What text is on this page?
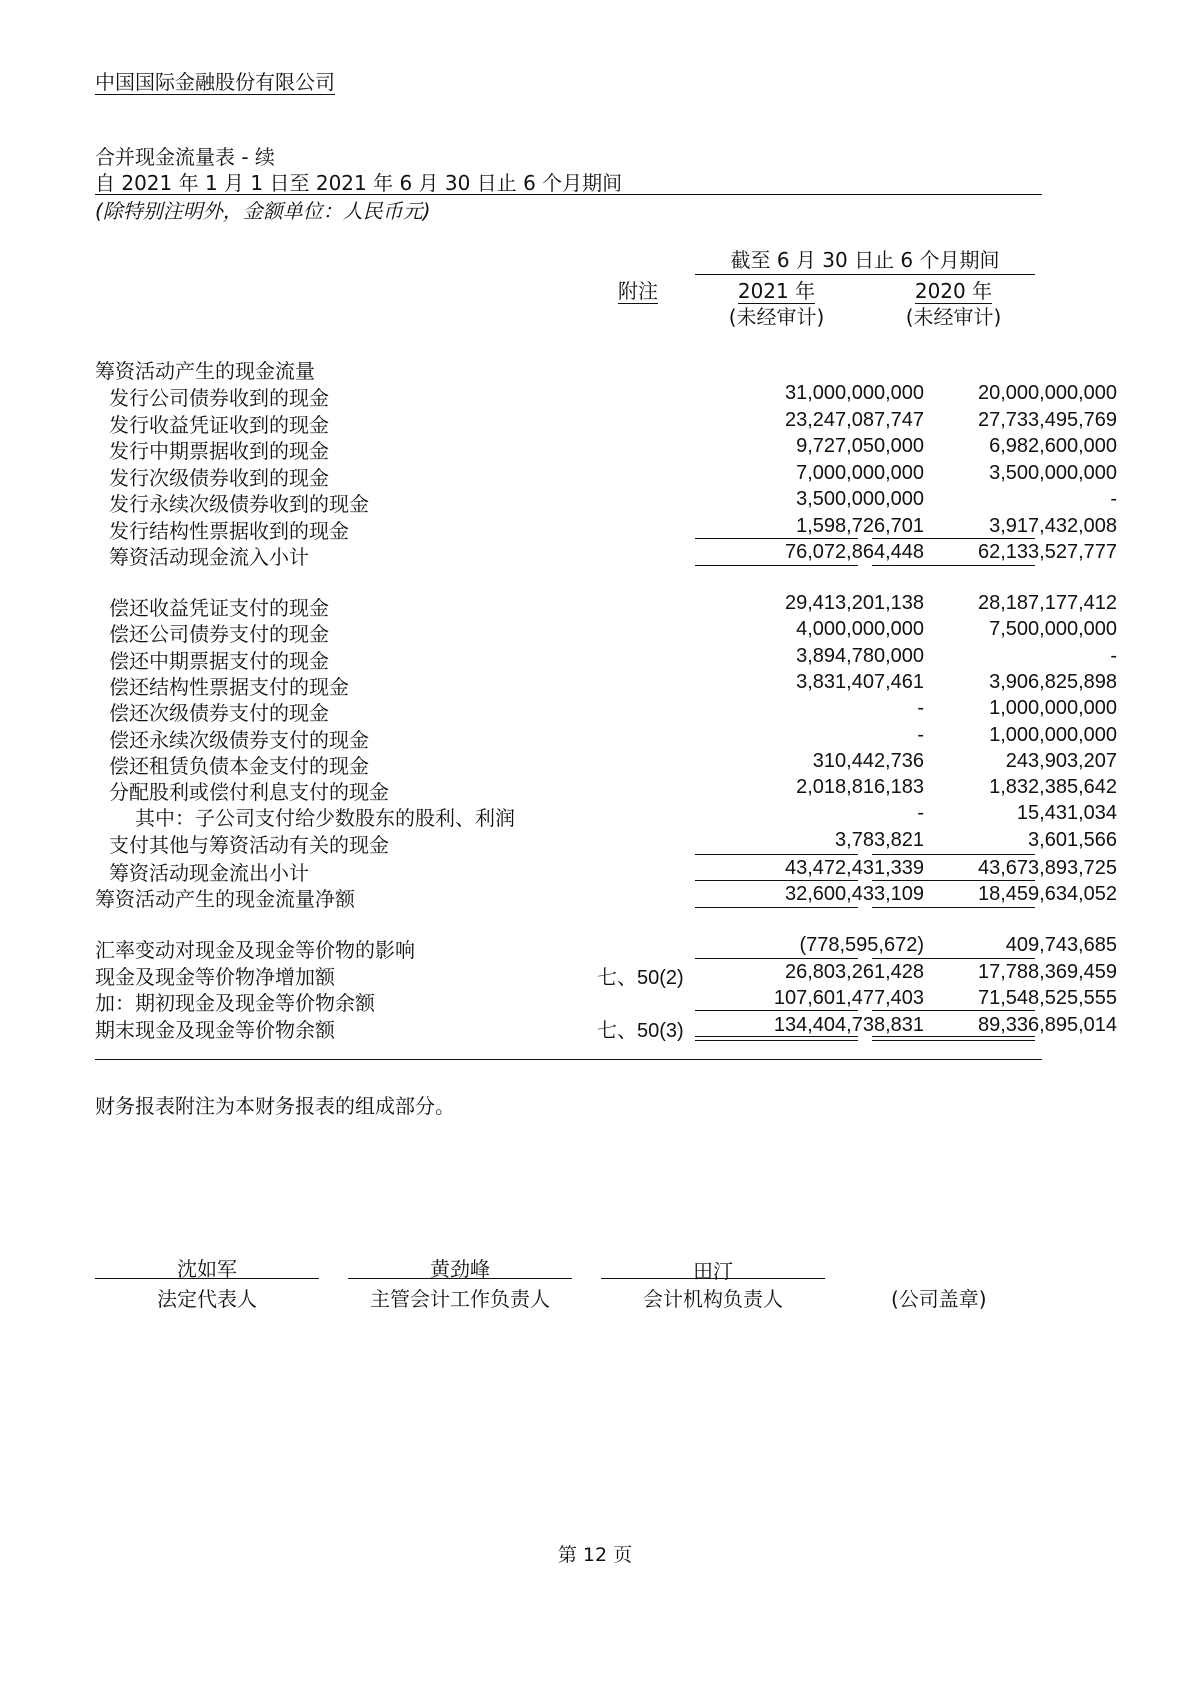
中国国际金融股份有限公司
合并现金流量表 - 续
自 2021 年 1 月 1 日至 2021 年 6 月 30 日止 6 个月期间
(除特别注明外，金额单位：人民币元)
截至 6 月 30 日止 6 个月期间
附注	2021 年	2020 年
(未经审计)	(未经审计)
筹资活动产生的现金流量
发行公司债券收到的现金	31,000,000,000	20,000,000,000
发行收益凭证收到的现金	23,247,087,747	27,733,495,769
发行中期票据收到的现金	9,727,050,000	6,982,600,000
发行次级债券收到的现金	7,000,000,000	3,500,000,000
发行永续次级债券收到的现金	3,500,000,000	-
发行结构性票据收到的现金	1,598,726,701	3,917,432,008
筹资活动现金流入小计	76,072,864,448	62,133,527,777
偿还收益凭证支付的现金	29,413,201,138	28,187,177,412
偿还公司债券支付的现金	4,000,000,000	7,500,000,000
偿还中期票据支付的现金	3,894,780,000	-
偿还结构性票据支付的现金	3,831,407,461	3,906,825,898
偿还次级债券支付的现金	-	1,000,000,000
偿还永续次级债券支付的现金	-	1,000,000,000
偿还租赁负债本金支付的现金	310,442,736	243,903,207
分配股利或偿付利息支付的现金	2,018,816,183	1,832,385,642
其中：子公司支付给少数股东的股利、利润	-	15,431,034
支付其他与筹资活动有关的现金	3,783,821	3,601,566
筹资活动现金流出小计	43,472,431,339	43,673,893,725
筹资活动产生的现金流量净额	32,600,433,109	18,459,634,052
汇率变动对现金及现金等价物的影响	(778,595,672)	409,743,685
现金及现金等价物净增加额	七、50(2)	26,803,261,428	17,788,369,459
加：期初现金及现金等价物余额	107,601,477,403	71,548,525,555
期末现金及现金等价物余额	七、50(3)	134,404,738,831	89,336,895,014
财务报表附注为本财务报表的组成部分。
沈如军
法定代表人
黄劲峰
主管会计工作负责人
田汀
会计机构负责人	(公司盖章)
第 12 页
